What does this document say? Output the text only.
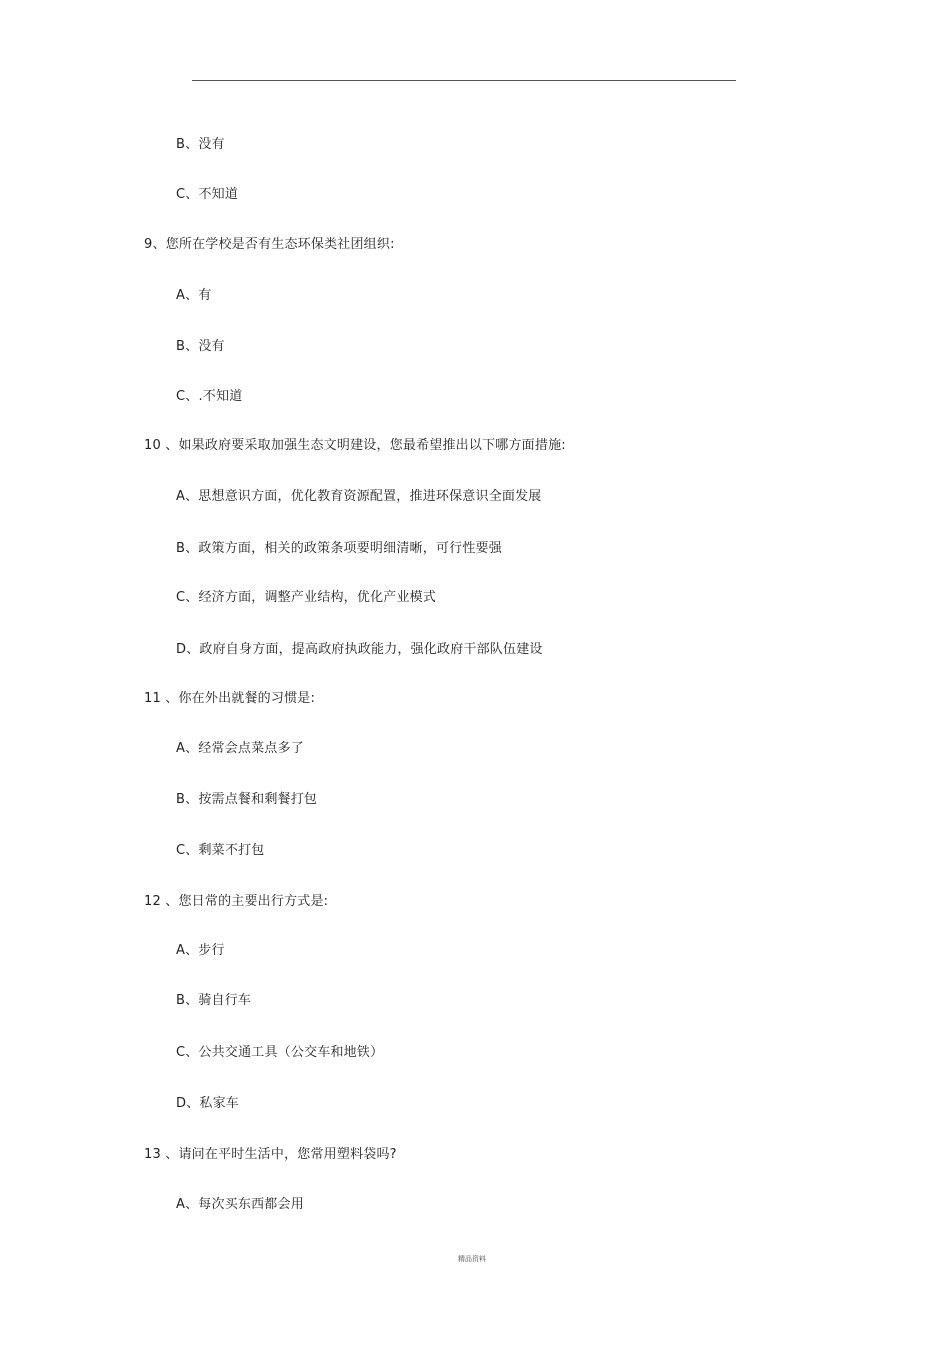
B、没有
C、不知道
9、您所在学校是否有生态环保类社团组织:
A、有
B、没有
C、.不知道
10 、如果政府要采取加强生态文明建设，您最希望推出以下哪方面措施:
A、思想意识方面，优化教育资源配置，推进环保意识全面发展
B、政策方面，相关的政策条项要明细清晰，可行性要强
C、经济方面，调整产业结构，优化产业模式
D、政府自身方面，提高政府执政能力，强化政府干部队伍建设
11 、你在外出就餐的习惯是:
A、经常会点菜点多了
B、按需点餐和剩餐打包
C、剩菜不打包
12 、您日常的主要出行方式是:
A、步行
B、骑自行车
C、公共交通工具（公交车和地铁）
D、私家车
13 、请问在平时生活中，您常用塑料袋吗?
A、每次买东西都会用
精品资料
